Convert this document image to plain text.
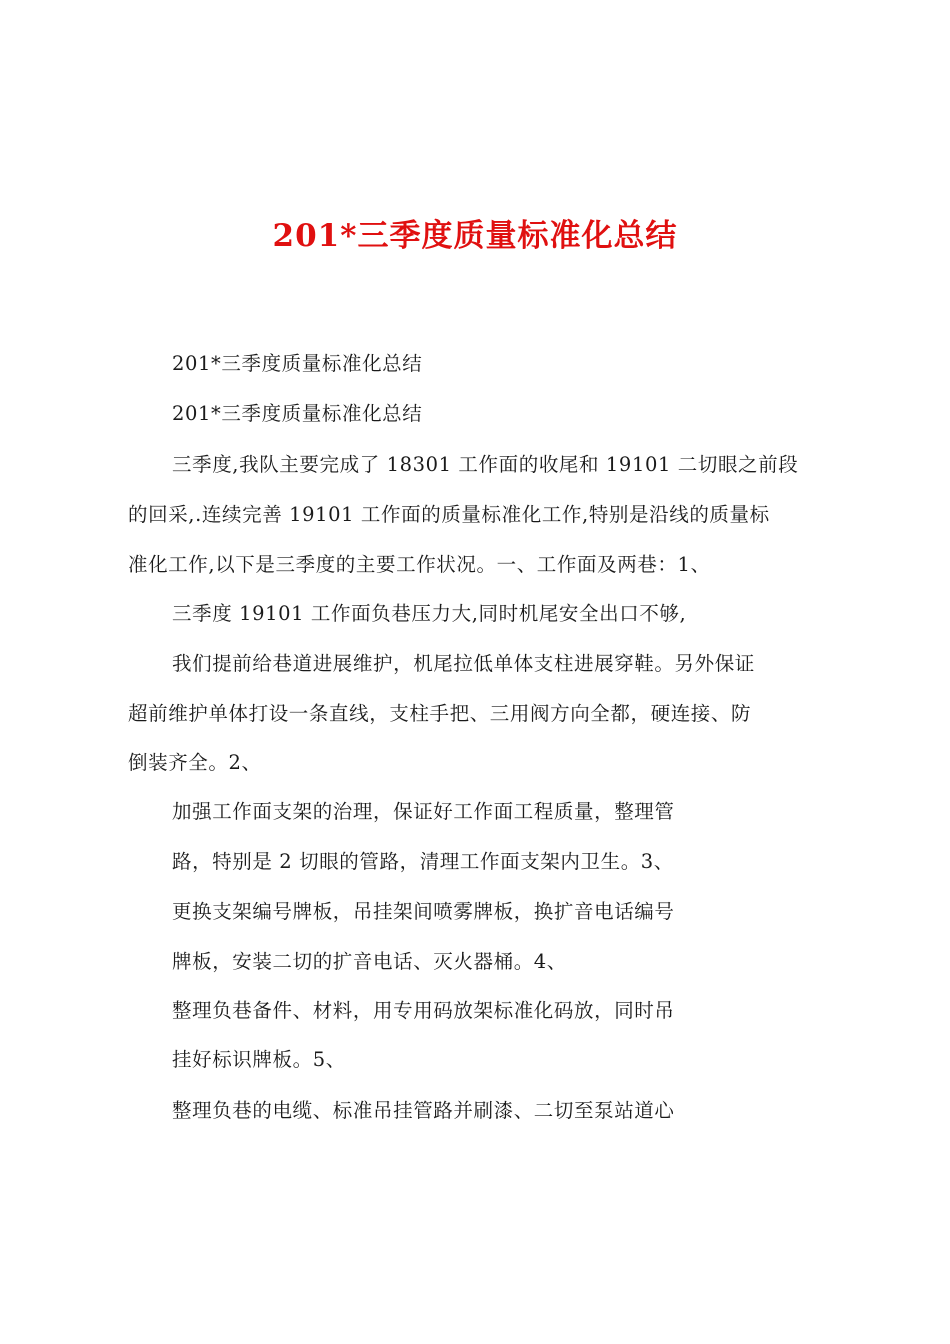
201*三季度质量标准化总结
201*三季度质量标准化总结
201*三季度质量标准化总结
三季度,我队主要完成了 18301 工作面的收尾和 19101 二切眼之前段
的回采,.连续完善 19101 工作面的质量标准化工作,特别是沿线的质量标
准化工作,以下是三季度的主要工作状况。一、工作面及两巷：1、
三季度 19101 工作面负巷压力大,同时机尾安全出口不够,
我们提前给巷道进展维护，机尾拉低单体支柱进展穿鞋。另外保证
超前维护单体打设一条直线，支柱手把、三用阀方向全都，硬连接、防
倒装齐全。2、
加强工作面支架的治理，保证好工作面工程质量，整理管
路，特别是 2 切眼的管路，清理工作面支架内卫生。3、
更换支架编号牌板，吊挂架间喷雾牌板，换扩音电话编号
牌板，安装二切的扩音电话、灭火器桶。4、
整理负巷备件、材料，用专用码放架标准化码放，同时吊
挂好标识牌板。5、
整理负巷的电缆、标准吊挂管路并刷漆、二切至泵站道心
